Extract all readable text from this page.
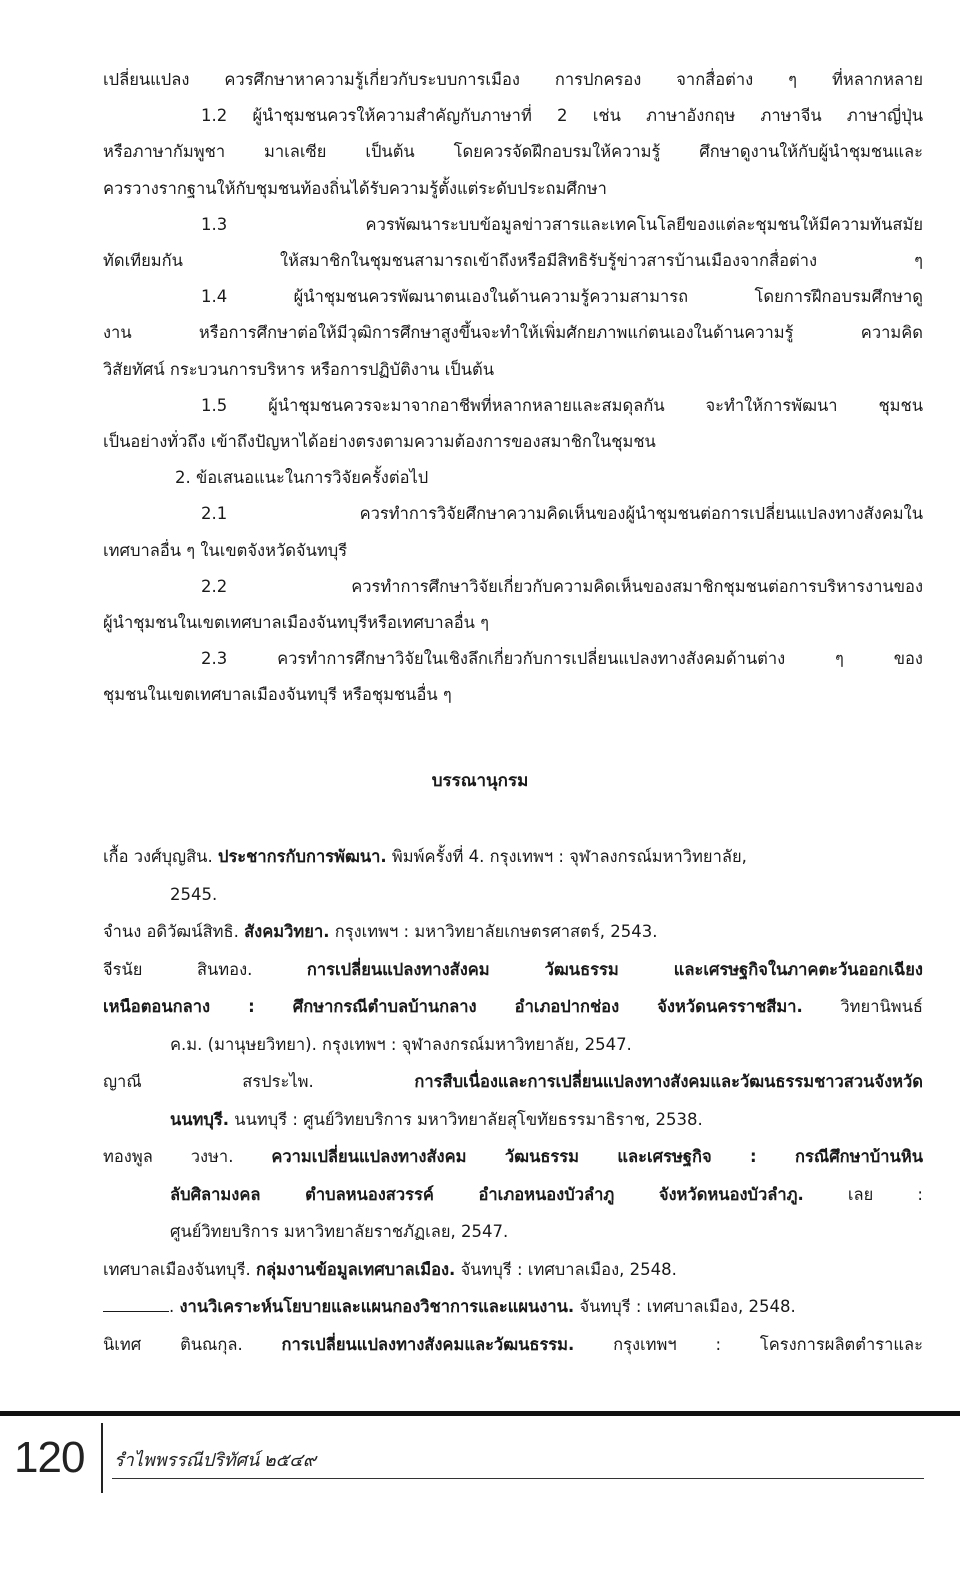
เปลี่ยนแปลง ควรศึกษาหาความรู้เกี่ยวกับระบบการเมือง การปกครอง จากสื่อต่าง ๆ ที่หลากหลาย
1.2 ผู้นำชุมชนควรให้ความสำคัญกับภาษาที่ 2 เช่น ภาษาอังกฤษ ภาษาจีน ภาษาญี่ปุ่น
หรือภาษากัมพูชา มาเลเซีย เป็นต้น โดยควรจัดฝึกอบรมให้ความรู้ ศึกษาดูงานให้กับผู้นำชุมชนและ
ควรวางรากฐานให้กับชุมชนท้องถิ่นได้รับความรู้ตั้งแต่ระดับประถมศึกษา
1.3 ควรพัฒนาระบบข้อมูลข่าวสารและเทคโนโลยีของแต่ละชุมชนให้มีความทันสมัย
ทัดเทียมกัน ให้สมาชิกในชุมชนสามารถเข้าถึงหรือมีสิทธิรับรู้ข่าวสารบ้านเมืองจากสื่อต่าง ๆ
1.4 ผู้นำชุมชนควรพัฒนาตนเองในด้านความรู้ความสามารถ โดยการฝึกอบรมศึกษาดู
งาน หรือการศึกษาต่อให้มีวุฒิการศึกษาสูงขึ้นจะทำให้เพิ่มศักยภาพแก่ตนเองในด้านความรู้ ความคิด
วิสัยทัศน์ กระบวนการบริหาร หรือการปฏิบัติงาน เป็นต้น
1.5 ผู้นำชุมชนควรจะมาจากอาชีพที่หลากหลายและสมดุลกัน จะทำให้การพัฒนา ชุมชน
เป็นอย่างทั่วถึง เข้าถึงปัญหาได้อย่างตรงตามความต้องการของสมาชิกในชุมชน
2. ข้อเสนอแนะในการวิจัยครั้งต่อไป
2.1 ควรทำการวิจัยศึกษาความคิดเห็นของผู้นำชุมชนต่อการเปลี่ยนแปลงทางสังคมใน
เทศบาลอื่น ๆ ในเขตจังหวัดจันทบุรี
2.2 ควรทำการศึกษาวิจัยเกี่ยวกับความคิดเห็นของสมาชิกชุมชนต่อการบริหารงานของ
ผู้นำชุมชนในเขตเทศบาลเมืองจันทบุรีหรือเทศบาลอื่น ๆ
2.3 ควรทำการศึกษาวิจัยในเชิงลึกเกี่ยวกับการเปลี่ยนแปลงทางสังคมด้านต่าง ๆ ของ
ชุมชนในเขตเทศบาลเมืองจันทบุรี หรือชุมชนอื่น ๆ
บรรณานุกรม
เกื้อ วงศ์บุญสิน. ประชากรกับการพัฒนา. พิมพ์ครั้งที่ 4. กรุงเทพฯ : จุฬาลงกรณ์มหาวิทยาลัย,
2545.
จำนง อดิวัฒน์สิทธิ. สังคมวิทยา. กรุงเทพฯ : มหาวิทยาลัยเกษตรศาสตร์, 2543.
จีรนัย สินทอง.	การเปลี่ยนแปลงทางสังคม วัฒนธรรม และเศรษฐกิจในภาคตะวันออกเฉียง
เหนือตอนกลาง : ศึกษากรณีตำบลบ้านกลาง อำเภอปากช่อง จังหวัดนครราชสีมา. วิทยานิพนธ์
ค.ม. (มานุษยวิทยา). กรุงเทพฯ : จุฬาลงกรณ์มหาวิทยาลัย, 2547.
ญาณี สรประไพ.	การสืบเนื่องและการเปลี่ยนแปลงทางสังคมและวัฒนธรรมชาวสวนจังหวัด
นนทบุรี. นนทบุรี : ศูนย์วิทยบริการ มหาวิทยาลัยสุโขทัยธรรมาธิราช, 2538.
ทองพูล วงษา. ความเปลี่ยนแปลงทางสังคม วัฒนธรรม และเศรษฐกิจ : กรณีศึกษาบ้านหิน
ลับศิลามงคล ตำบลหนองสวรรค์ อำเภอหนองบัวลำภู จังหวัดหนองบัวลำภู.	เลย :
ศูนย์วิทยบริการ มหาวิทยาลัยราชภัฏเลย, 2547.
เทศบาลเมืองจันทบุรี. กลุ่มงานข้อมูลเทศบาลเมือง. จันทบุรี : เทศบาลเมือง, 2548.
. งานวิเคราะห์นโยบายและแผนกองวิชาการและแผนงาน. จันทบุรี : เทศบาลเมือง, 2548.
นิเทศ ตินณกุล. การเปลี่ยนแปลงทางสังคมและวัฒนธรรม. กรุงเทพฯ : โครงการผลิตตำราและ
120 รำไพพรรณีปริทัศน์ ๒๕๔๙
